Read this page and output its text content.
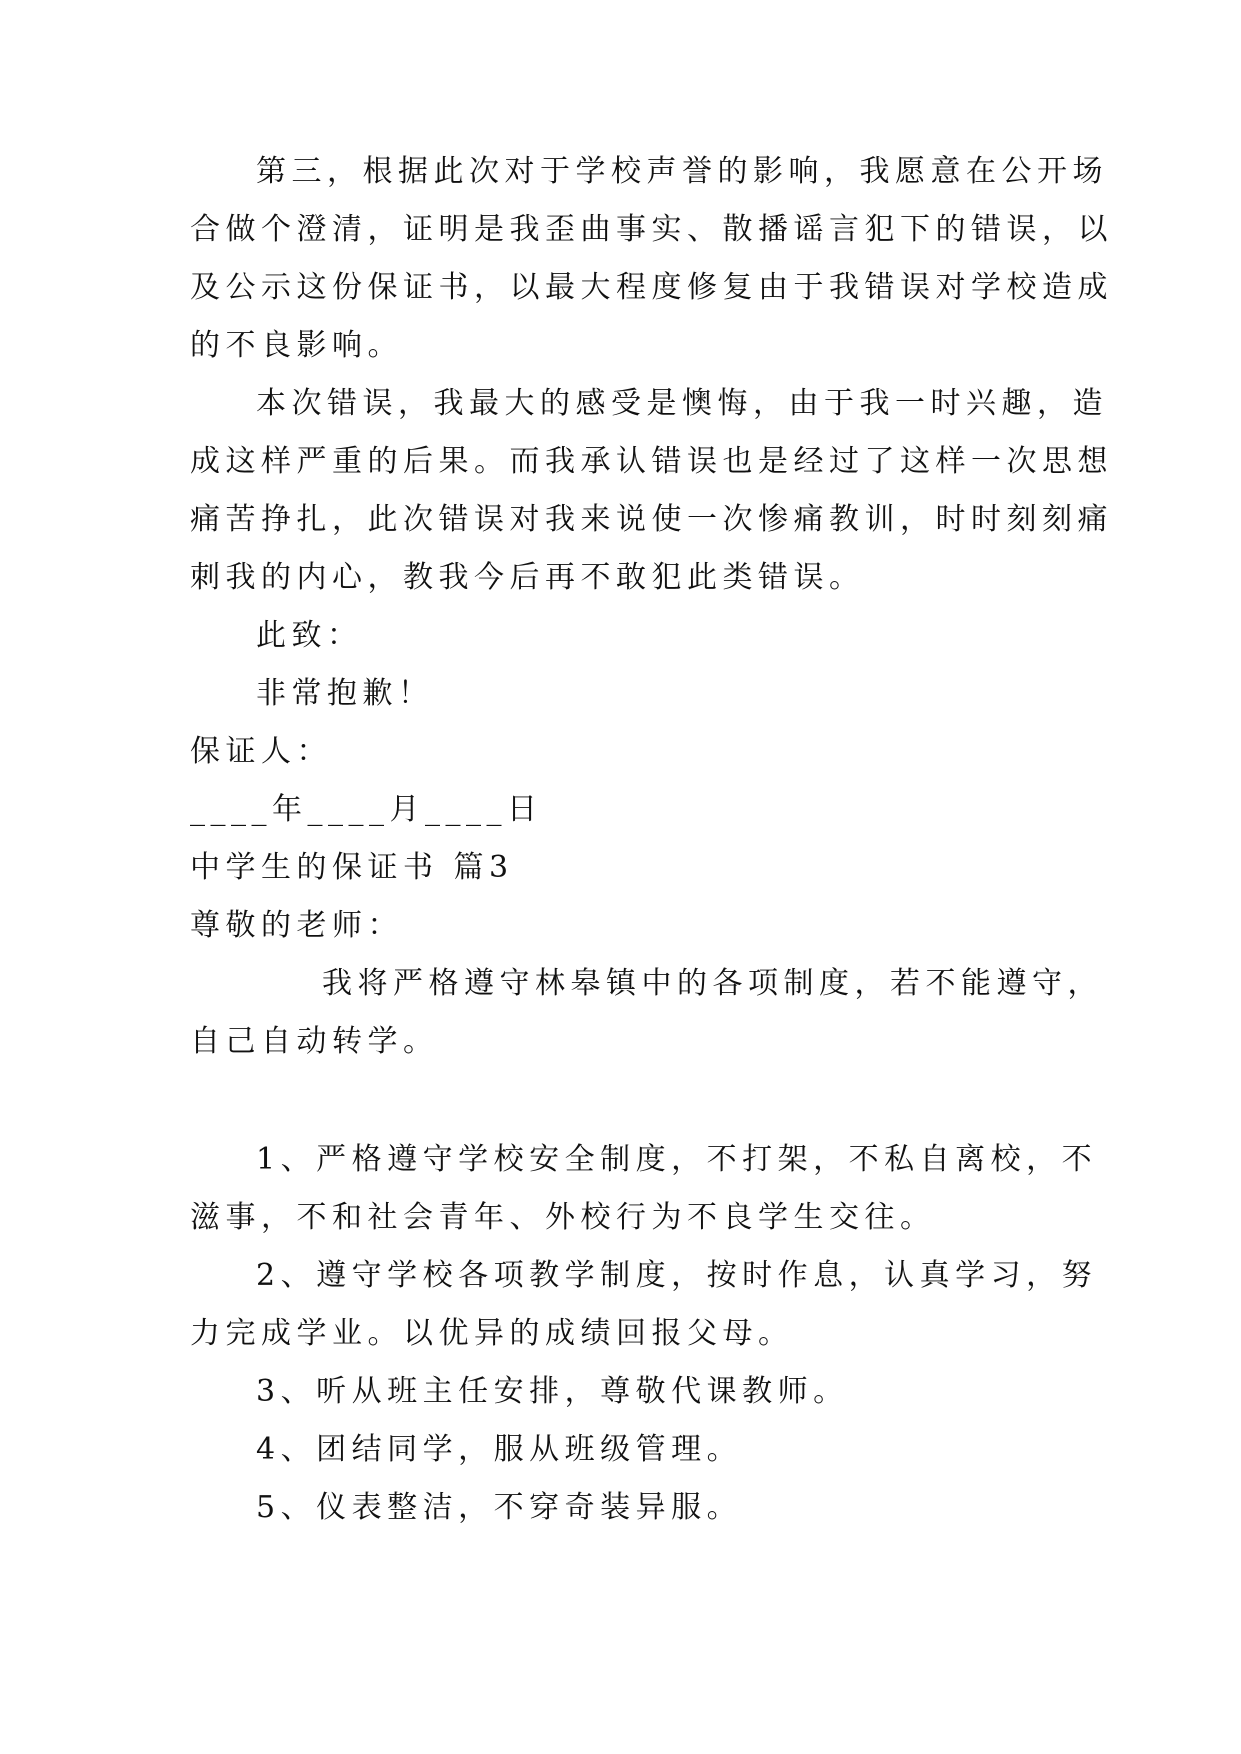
第三，根据此次对于学校声誉的影响，我愿意在公开场
合做个澄清，证明是我歪曲事实、散播谣言犯下的错误，以
及公示这份保证书，以最大程度修复由于我错误对学校造成
的不良影响。
本次错误，我最大的感受是懊悔，由于我一时兴趣，造
成这样严重的后果。而我承认错误也是经过了这样一次思想
痛苦挣扎，此次错误对我来说使一次惨痛教训，时时刻刻痛
刺我的内心，教我今后再不敢犯此类错误。
此致：
非常抱歉！
保证人：
____年____月____日
中学生的保证书 篇3
尊敬的老师：
我将严格遵守林皋镇中的各项制度，若不能遵守，
自己自动转学。
1、严格遵守学校安全制度，不打架，不私自离校，不
滋事，不和社会青年、外校行为不良学生交往。
2、遵守学校各项教学制度，按时作息，认真学习，努
力完成学业。以优异的成绩回报父母。
3、听从班主任安排，尊敬代课教师。
4、团结同学，服从班级管理。
5、仪表整洁，不穿奇装异服。
